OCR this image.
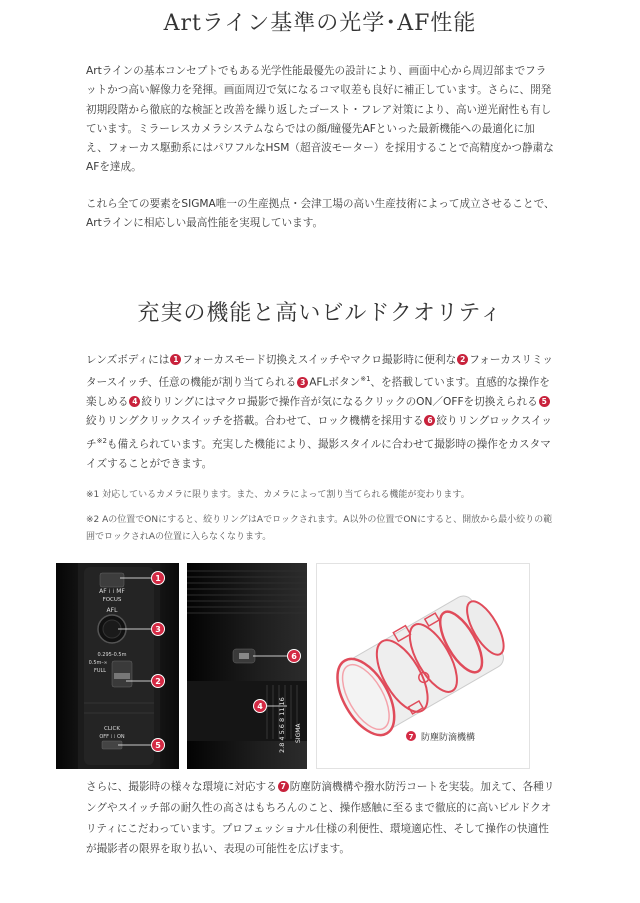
Artライン基準の光学･AF性能
Artラインの基本コンセプトでもある光学性能最優先の設計により、画面中心から周辺部までフラットかつ高い解像力を発揮。画面周辺で気になるコマ収差も良好に補正しています。さらに、開発初期段階から徹底的な検証と改善を繰り返したゴースト・フレア対策により、高い逆光耐性も有しています。ミラーレスカメラシステムならではの顔/瞳優先AFといった最新機能への最適化に加え、フォーカス駆動系にはパワフルなHSM（超音波モーター）を採用することで高精度かつ静粛なAFを達成。
これら全ての要素をSIGMA唯一の生産拠点・会津工場の高い生産技術によって成立させることで、Artラインに相応しい最高性能を実現しています。
充実の機能と高いビルドクオリティ
レンズボディには 1 フォーカスモード切換えスイッチやマクロ撮影時に便利な 2 フォーカスリミッタースイッチ、任意の機能が割り当てられる 3 AFLボタン$^{※1}$、を搭載しています。直感的な操作を楽しめる 4 絞りリングにはマクロ撮影で操作音が気になるクリックのON／OFFを切換えられる 5絞りリングクリックスイッチを搭載。合わせて、ロック機構を採用する 6 絞りリングロックスイッチ$^{※2}$も備えられています。充実した機能により、撮影スタイルに合わせて撮影時の操作をカスタマイズすることができます。
※1 対応しているカメラに限ります。また、カメラによって割り当てられる機能が変わります。
※2 Aの位置でONにすると、絞りリングはAでロックされます。A以外の位置でONにすると、開放から最小絞りの範囲でロックされAの位置に入らなくなります。
AF ⁞ ⁞ MF
FOCUS
AFL
0.295-0.5m
0.5m-∞
FULL
CLICK
OFF ⁞ ⁞ ON
1
3
2
5	2.8 4 5.6 8 11 16 SIGMA
6
4
7 防塵防滴機構
さらに、撮影時の様々な環境に対応する 7 防塵防滴機構や撥水防汚コートを実装。加えて、各種リングやスイッチ部の耐久性の高さはもちろんのこと、操作感触に至るまで徹底的に高いビルドクオリティにこだわっています。プロフェッショナル仕様の利便性、環境適応性、そして操作の快適性が撮影者の限界を取り払い、表現の可能性を広げます。
